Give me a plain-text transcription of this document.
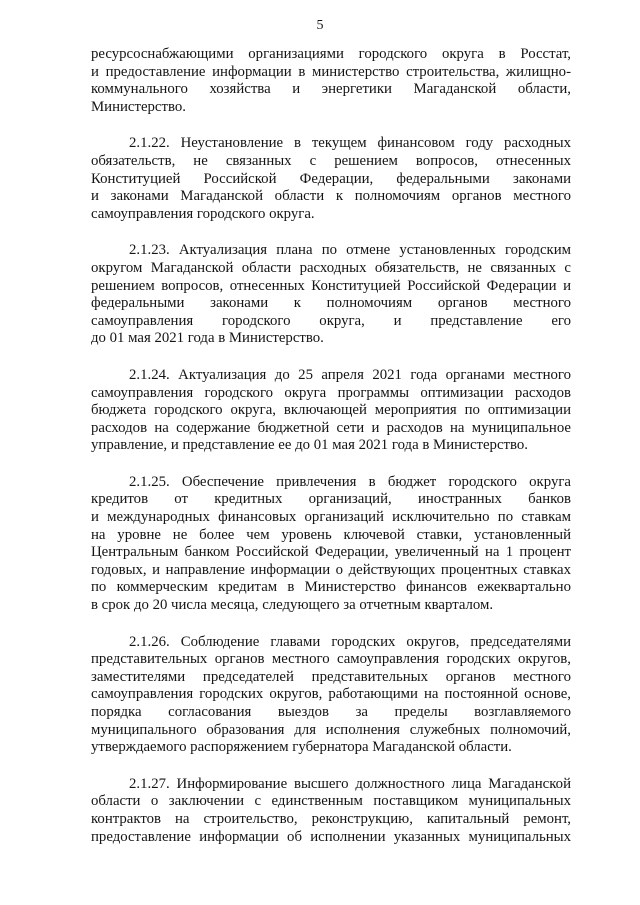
5
ресурсоснабжающими организациями городского округа в Росстат,
и предоставление информации в министерство строительства, жилищно-
коммунального хозяйства и энергетики Магаданской области,
Министерство.
2.1.22. Неустановление в текущем финансовом году расходных
обязательств, не связанных с решением вопросов, отнесенных
Конституцией Российской Федерации, федеральными законами
и законами Магаданской области к полномочиям органов местного
самоуправления городского округа.
2.1.23. Актуализация плана по отмене установленных городским
округом Магаданской области расходных обязательств, не связанных с
решением вопросов, отнесенных Конституцией Российской Федерации и
федеральными законами к полномочиям органов местного
самоуправления городского округа, и представление его
до 01 мая 2021 года в Министерство.
2.1.24. Актуализация до 25 апреля 2021 года органами местного
самоуправления городского округа программы оптимизации расходов
бюджета городского округа, включающей мероприятия по оптимизации
расходов на содержание бюджетной сети и расходов на муниципальное
управление, и представление ее до 01 мая 2021 года в Министерство.
2.1.25. Обеспечение привлечения в бюджет городского округа
кредитов от кредитных организаций, иностранных банков
и международных финансовых организаций исключительно по ставкам
на уровне не более чем уровень ключевой ставки, установленный
Центральным банком Российской Федерации, увеличенный на 1 процент
годовых, и направление информации о действующих процентных ставках
по коммерческим кредитам в Министерство финансов ежеквартально
в срок до 20 числа месяца, следующего за отчетным кварталом.
2.1.26. Соблюдение главами городских округов, председателями
представительных органов местного самоуправления городских округов,
заместителями председателей представительных органов местного
самоуправления городских округов, работающими на постоянной основе,
порядка согласования выездов за пределы возглавляемого
муниципального образования для исполнения служебных полномочий,
утверждаемого распоряжением губернатора Магаданской области.
2.1.27. Информирование высшего должностного лица Магаданской
области о заключении с единственным поставщиком муниципальных
контрактов на строительство, реконструкцию, капитальный ремонт,
предоставление информации об исполнении указанных муниципальных
